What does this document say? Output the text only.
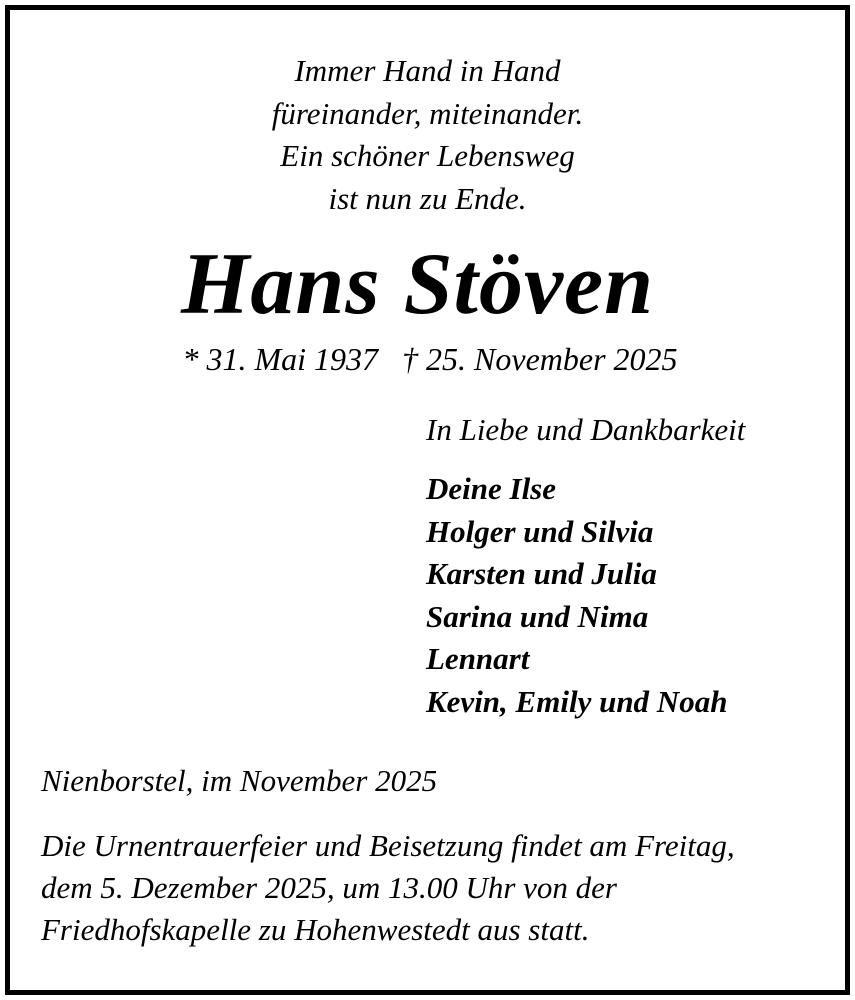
Immer Hand in Hand
füreinander, miteinander.
Ein schöner Lebensweg
ist nun zu Ende.
Hans Stöven
* 31. Mai 1937 † 25. November 2025
In Liebe und Dankbarkeit
Deine Ilse
Holger und Silvia
Karsten und Julia
Sarina und Nima
Lennart
Kevin, Emily und Noah
Nienborstel, im November 2025
Die Urnentrauerfeier und Beisetzung findet am Freitag,
dem 5. Dezember 2025, um 13.00 Uhr von der
Friedhofskapelle zu Hohenwestedt aus statt.
